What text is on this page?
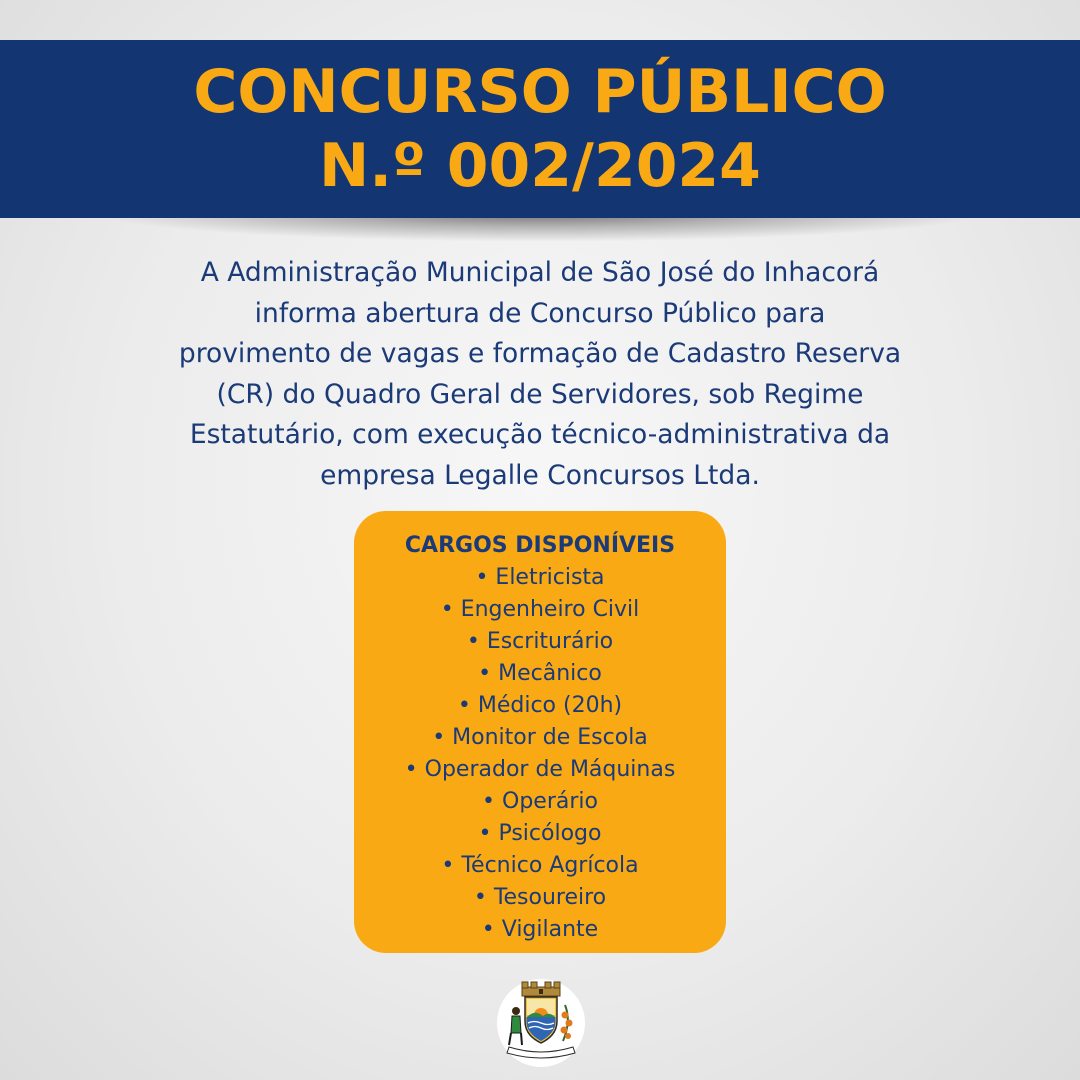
CONCURSO PÚBLICO
N.º 002/2024

A Administração Municipal de São José do Inhacorá
informa abertura de Concurso Público para
provimento de vagas e formação de Cadastro Reserva
(CR) do Quadro Geral de Servidores, sob Regime
Estatutário, com execução técnico-administrativa da
empresa Legalle Concursos Ltda.

CARGOS DISPONÍVEIS

• Eletricista
• Engenheiro Civil
• Escriturário
• Mecânico
• Médico (20h)
• Monitor de Escola
• Operador de Máquinas
• Operário
• Psicólogo
• Técnico Agrícola
• Tesoureiro
• Vigilante
